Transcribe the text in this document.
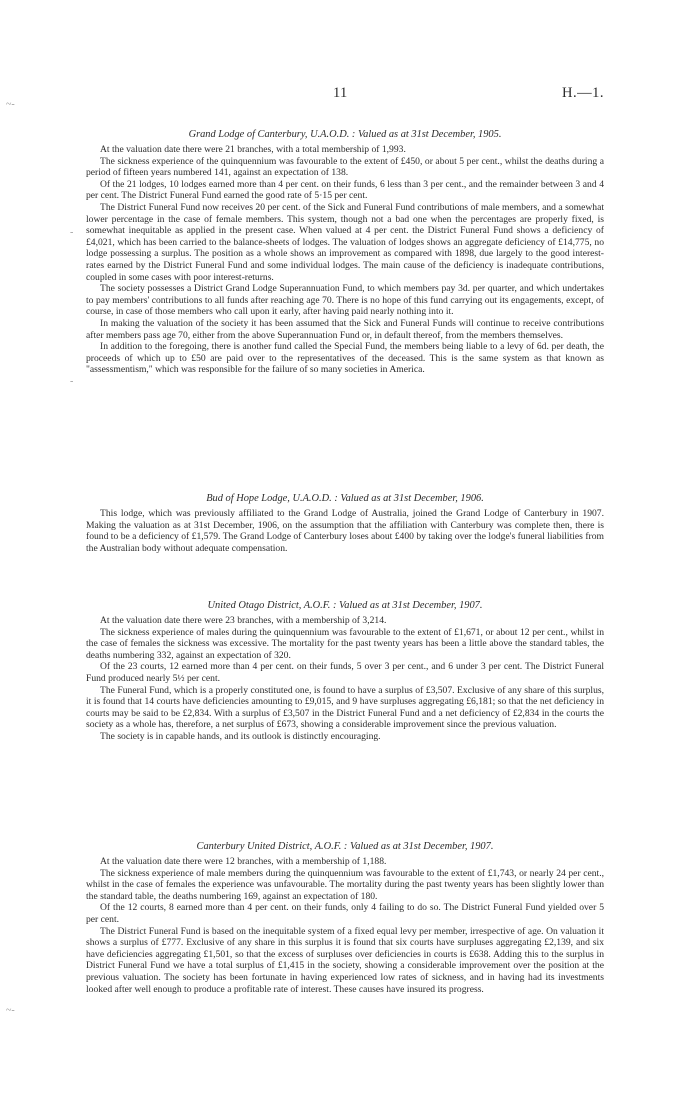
11	H.—1.
~-
-
-
~-
Grand Lodge of Canterbury, U.A.O.D. : Valued as at 31st December, 1905.

At the valuation date there were 21 branches, with a total membership of 1,993.

The sickness experience of the quinquennium was favourable to the extent of £450, or about 5 per cent., whilst the deaths during a period of fifteen years numbered 141, against an expectation of 138.

Of the 21 lodges, 10 lodges earned more than 4 per cent. on their funds, 6 less than 3 per cent., and the remainder between 3 and 4 per cent. The District Funeral Fund earned the good rate of 5·15 per cent.

The District Funeral Fund now receives 20 per cent. of the Sick and Funeral Fund contributions of male members, and a somewhat lower percentage in the case of female members. This system, though not a bad one when the percentages are properly fixed, is somewhat inequitable as applied in the present case. When valued at 4 per cent. the District Funeral Fund shows a deficiency of £4,021, which has been carried to the balance-sheets of lodges. The valuation of lodges shows an aggregate deficiency of £14,775, no lodge possessing a surplus. The position as a whole shows an improvement as compared with 1898, due largely to the good interest-rates earned by the District Funeral Fund and some individual lodges. The main cause of the deficiency is inadequate contributions, coupled in some cases with poor interest-returns.

The society possesses a District Grand Lodge Superannuation Fund, to which members pay 3d. per quarter, and which undertakes to pay members' contributions to all funds after reaching age 70. There is no hope of this fund carrying out its engagements, except, of course, in case of those members who call upon it early, after having paid nearly nothing into it.

In making the valuation of the society it has been assumed that the Sick and Funeral Funds will continue to receive contributions after members pass age 70, either from the above Superannuation Fund or, in default thereof, from the members themselves.

In addition to the foregoing, there is another fund called the Special Fund, the members being liable to a levy of 6d. per death, the proceeds of which up to £50 are paid over to the representatives of the deceased. This is the same system as that known as "assessmentism," which was responsible for the failure of so many societies in America.

Bud of Hope Lodge, U.A.O.D. : Valued as at 31st December, 1906.

This lodge, which was previously affiliated to the Grand Lodge of Australia, joined the Grand Lodge of Canterbury in 1907. Making the valuation as at 31st December, 1906, on the assumption that the affiliation with Canterbury was complete then, there is found to be a deficiency of £1,579. The Grand Lodge of Canterbury loses about £400 by taking over the lodge's funeral liabilities from the Australian body without adequate compensation.

United Otago District, A.O.F. : Valued as at 31st December, 1907.

At the valuation date there were 23 branches, with a membership of 3,214.

The sickness experience of males during the quinquennium was favourable to the extent of £1,671, or about 12 per cent., whilst in the case of females the sickness was excessive. The mortality for the past twenty years has been a little above the standard tables, the deaths numbering 332, against an expectation of 320.

Of the 23 courts, 12 earned more than 4 per cent. on their funds, 5 over 3 per cent., and 6 under 3 per cent. The District Funeral Fund produced nearly 5½ per cent.

The Funeral Fund, which is a properly constituted one, is found to have a surplus of £3,507. Exclusive of any share of this surplus, it is found that 14 courts have deficiencies amounting to £9,015, and 9 have surpluses aggregating £6,181; so that the net deficiency in courts may be said to be £2,834. With a surplus of £3,507 in the District Funeral Fund and a net deficiency of £2,834 in the courts the society as a whole has, therefore, a net surplus of £673, showing a considerable improvement since the previous valuation.

The society is in capable hands, and its outlook is distinctly encouraging.

Canterbury United District, A.O.F. : Valued as at 31st December, 1907.

At the valuation date there were 12 branches, with a membership of 1,188.

The sickness experience of male members during the quinquennium was favourable to the extent of £1,743, or nearly 24 per cent., whilst in the case of females the experience was unfavourable. The mortality during the past twenty years has been slightly lower than the standard table, the deaths numbering 169, against an expectation of 180.

Of the 12 courts, 8 earned more than 4 per cent. on their funds, only 4 failing to do so. The District Funeral Fund yielded over 5 per cent.

The District Funeral Fund is based on the inequitable system of a fixed equal levy per member, irrespective of age. On valuation it shows a surplus of £777. Exclusive of any share in this surplus it is found that six courts have surpluses aggregating £2,139, and six have deficiencies aggregating £1,501, so that the excess of surpluses over deficiencies in courts is £638. Adding this to the surplus in District Funeral Fund we have a total surplus of £1,415 in the society, showing a considerable improvement over the position at the previous valuation. The society has been fortunate in having experienced low rates of sickness, and in having had its investments looked after well enough to produce a profitable rate of interest. These causes have insured its progress.
